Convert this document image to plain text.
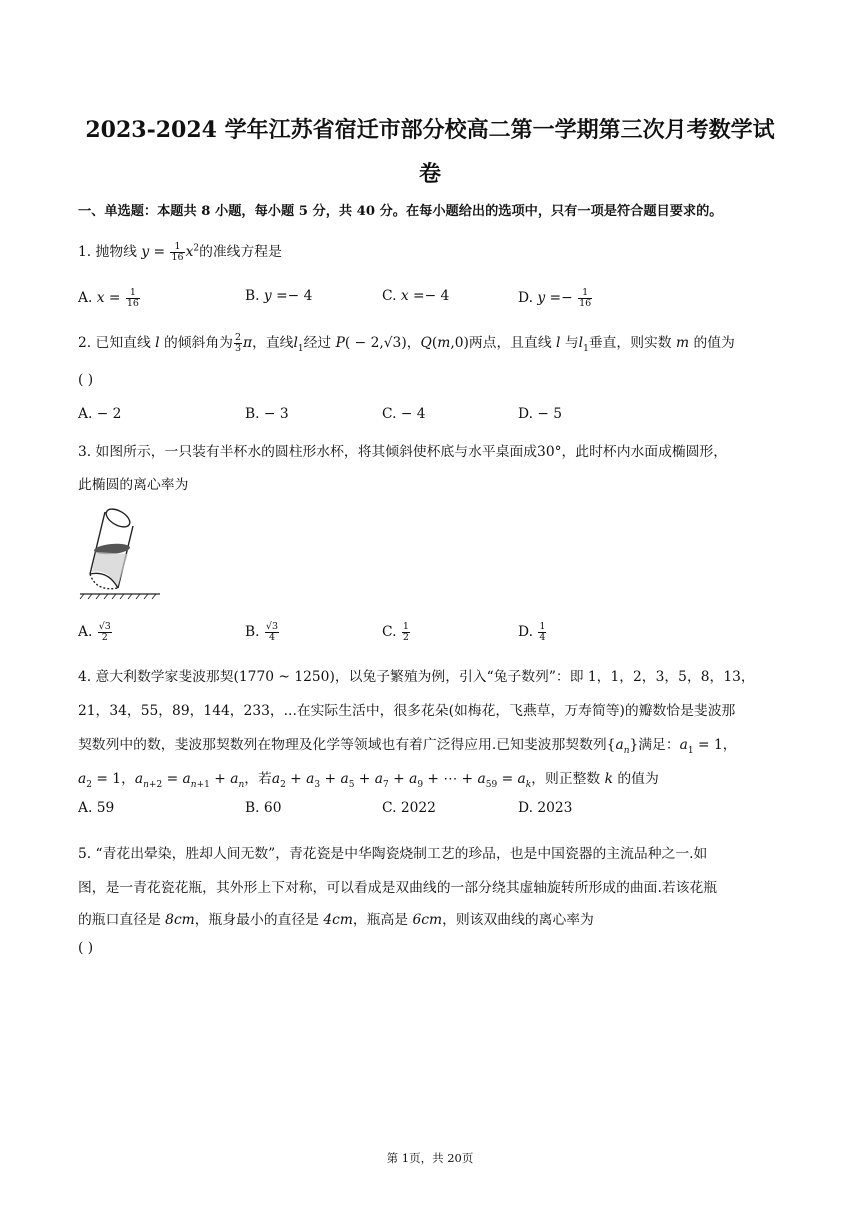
2023-2024 学年江苏省宿迁市部分校高二第一学期第三次月考数学试
卷
一、单选题：本题共 8 小题，每小题 5 分，共 40 分。在每小题给出的选项中，只有一项是符合题目要求的。
1. 抛物线 $y = \frac{1}{16} x^2$的准线方程是
A. $x = \frac{1}{16}$	B. y =− 4	C. x =− 4	D. $y =- \frac{1}{16}$
2. 已知直线 l 的倾斜角为 $\frac{2}{3}$ π，直线$l_1$经过 P( − 2,√3)，Q(m,0)两点，且直线 l 与$l_1$垂直，则实数 m 的值为
( )
A. − 2	B. − 3	C. − 4	D. − 5
3. 如图所示，一只装有半杯水的圆柱形水杯，将其倾斜使杯底与水平桌面成30°，此时杯内水面成椭圆形，
此椭圆的离心率为
A. $\frac{√3}{2}$	B. $\frac{√3}{4}$	C. $\frac{1}{2}$	D. $\frac{1}{4}$
4. 意大利数学家斐波那契(1770 ~ 1250)，以兔子繁殖为例，引入“兔子数列”：即 1，1，2，3，5，8，13，
21，34，55，89，144，233，...在实际生活中，很多花朵(如梅花，飞燕草，万寿简等)的瓣数恰是斐波那
契数列中的数，斐波那契数列在物理及化学等领域也有着广泛得应用.已知斐波那契数列$\{a_n\}$满足：$a_1 = 1$，
$a_2 = 1$，$a_{n+2} = a_{n+1} + a_n$，若$a_2 + a_3 + a_5 + a_7 + a_9$ + ⋯ + $a_{59} = a_k$，则正整数 k 的值为
A. 59	B. 60	C. 2022	D. 2023
5. “青花出晕染，胜却人间无数”，青花瓷是中华陶瓷烧制工艺的珍品，也是中国瓷器的主流品种之一.如
图，是一青花瓷花瓶，其外形上下对称，可以看成是双曲线的一部分绕其虚轴旋转所形成的曲面.若该花瓶
的瓶口直径是 8cm，瓶身最小的直径是 4cm，瓶高是 6cm，则该双曲线的离心率为
( )
第 1页，共 20页
